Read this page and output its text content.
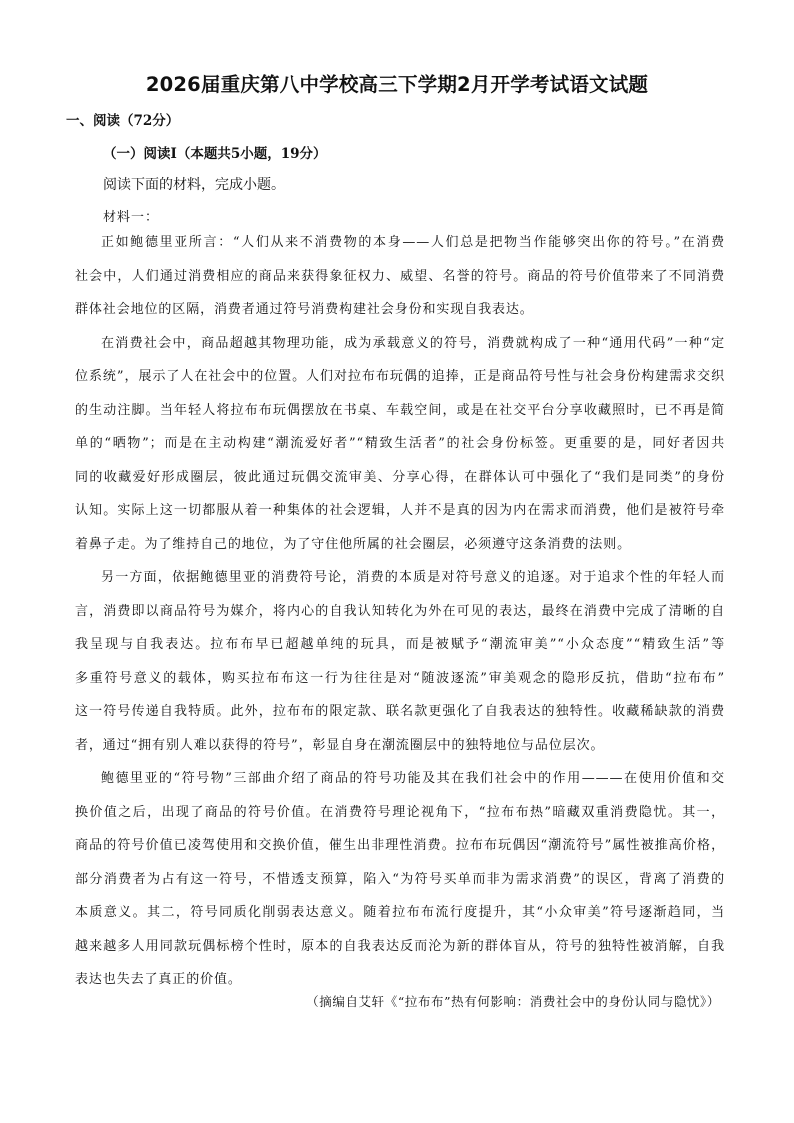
2026届重庆第八中学校高三下学期2月开学考试语文试题
一、阅读（72分）
（一）阅读Ⅰ（本题共5小题，19分）
阅读下面的材料，完成小题。
材料一：
正如鲍德里亚所言：“人们从来不消费物的本身——人们总是把物当作能够突出你的符号。”在消费
社会中，人们通过消费相应的商品来获得象征权力、威望、名誉的符号。商品的符号价值带来了不同消费
群体社会地位的区隔，消费者通过符号消费构建社会身份和实现自我表达。
在消费社会中，商品超越其物理功能，成为承载意义的符号，消费就构成了一种“通用代码”一种“定
位系统”，展示了人在社会中的位置。人们对拉布布玩偶的追捧，正是商品符号性与社会身份构建需求交织
的生动注脚。当年轻人将拉布布玩偶摆放在书桌、车载空间，或是在社交平台分享收藏照时，已不再是简
单的“晒物”；而是在主动构建“潮流爱好者”“精致生活者”的社会身份标签。更重要的是，同好者因共
同的收藏爱好形成圈层，彼此通过玩偶交流审美、分享心得，在群体认可中强化了“我们是同类”的身份
认知。实际上这一切都服从着一种集体的社会逻辑，人并不是真的因为内在需求而消费，他们是被符号牵
着鼻子走。为了维持自己的地位，为了守住他所属的社会圈层，必须遵守这条消费的法则。
另一方面，依据鲍德里亚的消费符号论，消费的本质是对符号意义的追逐。对于追求个性的年轻人而
言，消费即以商品符号为媒介，将内心的自我认知转化为外在可见的表达，最终在消费中完成了清晰的自
我呈现与自我表达。拉布布早已超越单纯的玩具，而是被赋予“潮流审美”“小众态度”“精致生活”等
多重符号意义的载体，购买拉布布这一行为往往是对“随波逐流”审美观念的隐形反抗，借助“拉布布”
这一符号传递自我特质。此外，拉布布的限定款、联名款更强化了自我表达的独特性。收藏稀缺款的消费
者，通过“拥有别人难以获得的符号”，彰显自身在潮流圈层中的独特地位与品位层次。
鲍德里亚的“符号物”三部曲介绍了商品的符号功能及其在我们社会中的作用———在使用价值和交
换价值之后，出现了商品的符号价值。在消费符号理论视角下，“拉布布热”暗藏双重消费隐忧。其一，
商品的符号价值已凌驾使用和交换价值，催生出非理性消费。拉布布玩偶因“潮流符号”属性被推高价格，
部分消费者为占有这一符号，不惜透支预算，陷入“为符号买单而非为需求消费”的误区，背离了消费的
本质意义。其二，符号同质化削弱表达意义。随着拉布布流行度提升，其“小众审美”符号逐渐趋同，当
越来越多人用同款玩偶标榜个性时，原本的自我表达反而沦为新的群体盲从，符号的独特性被消解，自我
表达也失去了真正的价值。
（摘编自艾轩《“拉布布”热有何影响：消费社会中的身份认同与隐忧》）
